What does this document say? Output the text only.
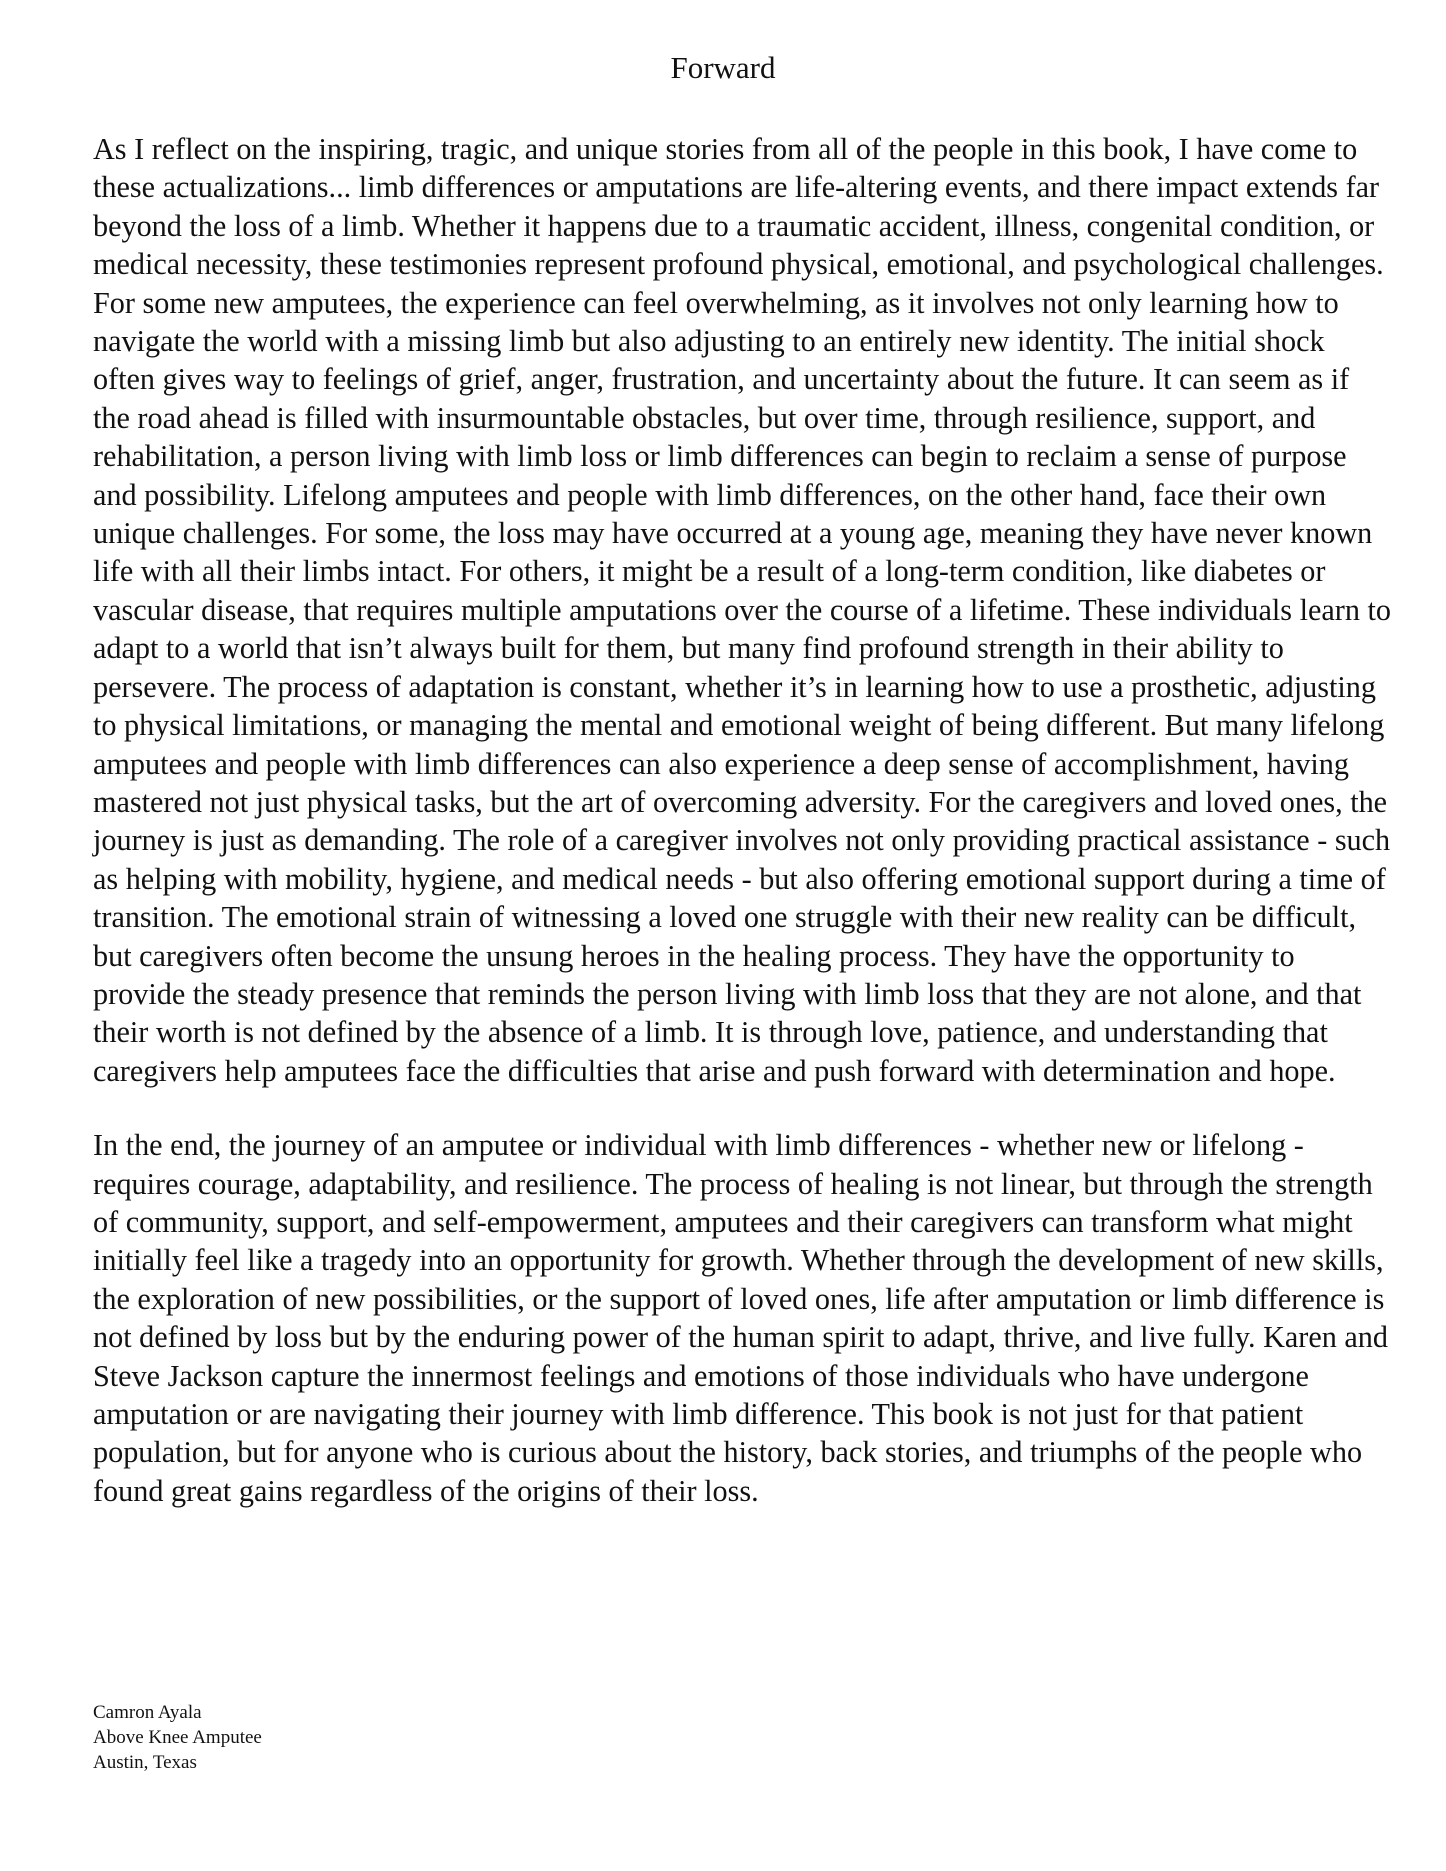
Forward

As I reflect on the inspiring, tragic, and unique stories from all of the people in this book, I have come to these actualizations... limb differences or amputations are life-altering events, and there impact extends far beyond the loss of a limb. Whether it happens due to a traumatic accident, illness, congenital condition, or medical necessity, these testimonies represent profound physical, emotional, and psychological challenges. For some new amputees, the experience can feel overwhelming, as it involves not only learning how to navigate the world with a missing limb but also adjusting to an entirely new identity. The initial shock often gives way to feelings of grief, anger, frustration, and uncertainty about the future. It can seem as if the road ahead is filled with insurmountable obstacles, but over time, through resilience, support, and rehabilitation, a person living with limb loss or limb differences can begin to reclaim a sense of purpose and possibility. Lifelong amputees and people with limb differences, on the other hand, face their own unique challenges. For some, the loss may have occurred at a young age, meaning they have never known life with all their limbs intact. For others, it might be a result of a long-term condition, like diabetes or vascular disease, that requires multiple amputations over the course of a lifetime. These individuals learn to adapt to a world that isn’t always built for them, but many find profound strength in their ability to persevere. The process of adaptation is constant, whether it’s in learning how to use a prosthetic, adjusting to physical limitations, or managing the mental and emotional weight of being different. But many lifelong amputees and people with limb differences can also experience a deep sense of accomplishment, having mastered not just physical tasks, but the art of overcoming adversity. For the caregivers and loved ones, the journey is just as demanding. The role of a caregiver involves not only providing practical assistance - such as helping with mobility, hygiene, and medical needs - but also offering emotional support during a time of transition. The emotional strain of witnessing a loved one struggle with their new reality can be difficult, but caregivers often become the unsung heroes in the healing process. They have the opportunity to provide the steady presence that reminds the person living with limb loss that they are not alone, and that their worth is not defined by the absence of a limb. It is through love, patience, and understanding that caregivers help amputees face the difficulties that arise and push forward with determination and hope.

In the end, the journey of an amputee or individual with limb differences - whether new or lifelong - requires courage, adaptability, and resilience. The process of healing is not linear, but through the strength of community, support, and self-empowerment, amputees and their caregivers can transform what might initially feel like a tragedy into an opportunity for growth. Whether through the development of new skills, the exploration of new possibilities, or the support of loved ones, life after amputation or limb difference is not defined by loss but by the enduring power of the human spirit to adapt, thrive, and live fully. Karen and Steve Jackson capture the innermost feelings and emotions of those individuals who have undergone amputation or are navigating their journey with limb difference. This book is not just for that patient population, but for anyone who is curious about the history, back stories, and triumphs of the people who found great gains regardless of the origins of their loss.

Camron Ayala
Above Knee Amputee
Austin, Texas
